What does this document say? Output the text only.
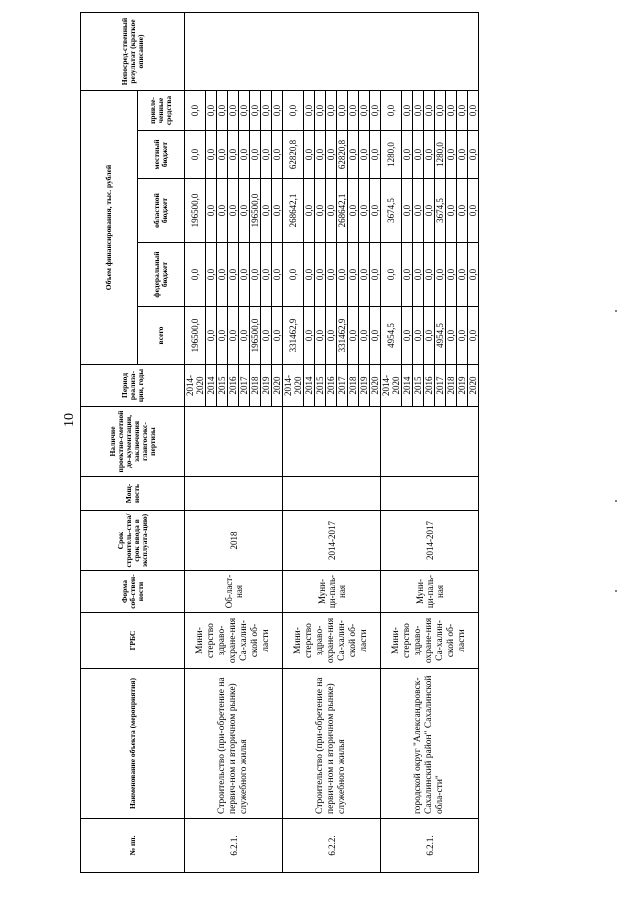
10
№ пп.	Наименование объекта (мероприятия)	ГРБС	Форма соб-ствен-ности	Срок строитель-ства/срок ввода в эксплуата-цию)	Мощ-ность	Наличие проектно-сметной до-кументации, заключения главгосэкс-пертизы	Период реализа-ции, годы	Объем финансирования, тыс. рублей					Непосред-ственный результат (краткое описание)
								всего	федеральный бюджет	областной бюджет	местный бюджет	привле-ченные средства	
6.2.1.	Строительство (при-обретение на первич-ном и вторичном рынке) служебного жилья	Мини-стерство здраво-охране-ния Са-халин-ской об-ласти	Об-ласт-ная	2018			2014-2020	196500,0	0,0	196500,0	0,0	0,0	
							2014	0,0	0,0	0,0	0,0	0,0	
							2015	0,0	0,0	0,0	0,0	0,0	
							2016	0,0	0,0	0,0	0,0	0,0	
							2017	0,0	0,0	0,0	0,0	0,0	
							2018	196500,0	0,0	196500,0	0,0	0,0	
							2019	0,0	0,0	0,0	0,0	0,0	
							2020	0,0	0,0	0,0	0,0	0,0	
6.2.2.	Строительство (при-обретение на первич-ном и вторичном рынке) служебного жилья	Мини-стерство здраво-охране-ния Са-халин-ской об-ласти	Муни-ци-паль-ная	2014-2017			2014-2020	331462,9	0,0	268642,1	62820,8	0,0	
							2014	0,0	0,0	0,0	0,0	0,0	
							2015	0,0	0,0	0,0	0,0	0,0	
							2016	0,0	0,0	0,0	0,0	0,0	
							2017	331462,9	0,0	268642,1	62820,8	0,0	
							2018	0,0	0,0	0,0	0,0	0,0	
							2019	0,0	0,0	0,0	0,0	0,0	
							2020	0,0	0,0	0,0	0,0	0,0	
6.2.1.	городской округ "Александровск-Сахалинский район" Сахалинской обла-сти"	Мини-стерство здраво-охране-ния Са-халин-ской об-ласти	Муни-ци-паль-ная	2014-2017			2014-2020	4954,5	0,0	3674,5	1280,0	0,0	
							2014	0,0	0,0	0,0	0,0	0,0	
							2015	0,0	0,0	0,0	0,0	0,0	
							2016	0,0	0,0	0,0	0,0	0,0	
							2017	4954,5	0,0	3674,5	1280,0	0,0	
							2018	0,0	0,0	0,0	0,0	0,0	
							2019	0,0	0,0	0,0	0,0	0,0	
							2020	0,0	0,0	0,0	0,0	0,0	
